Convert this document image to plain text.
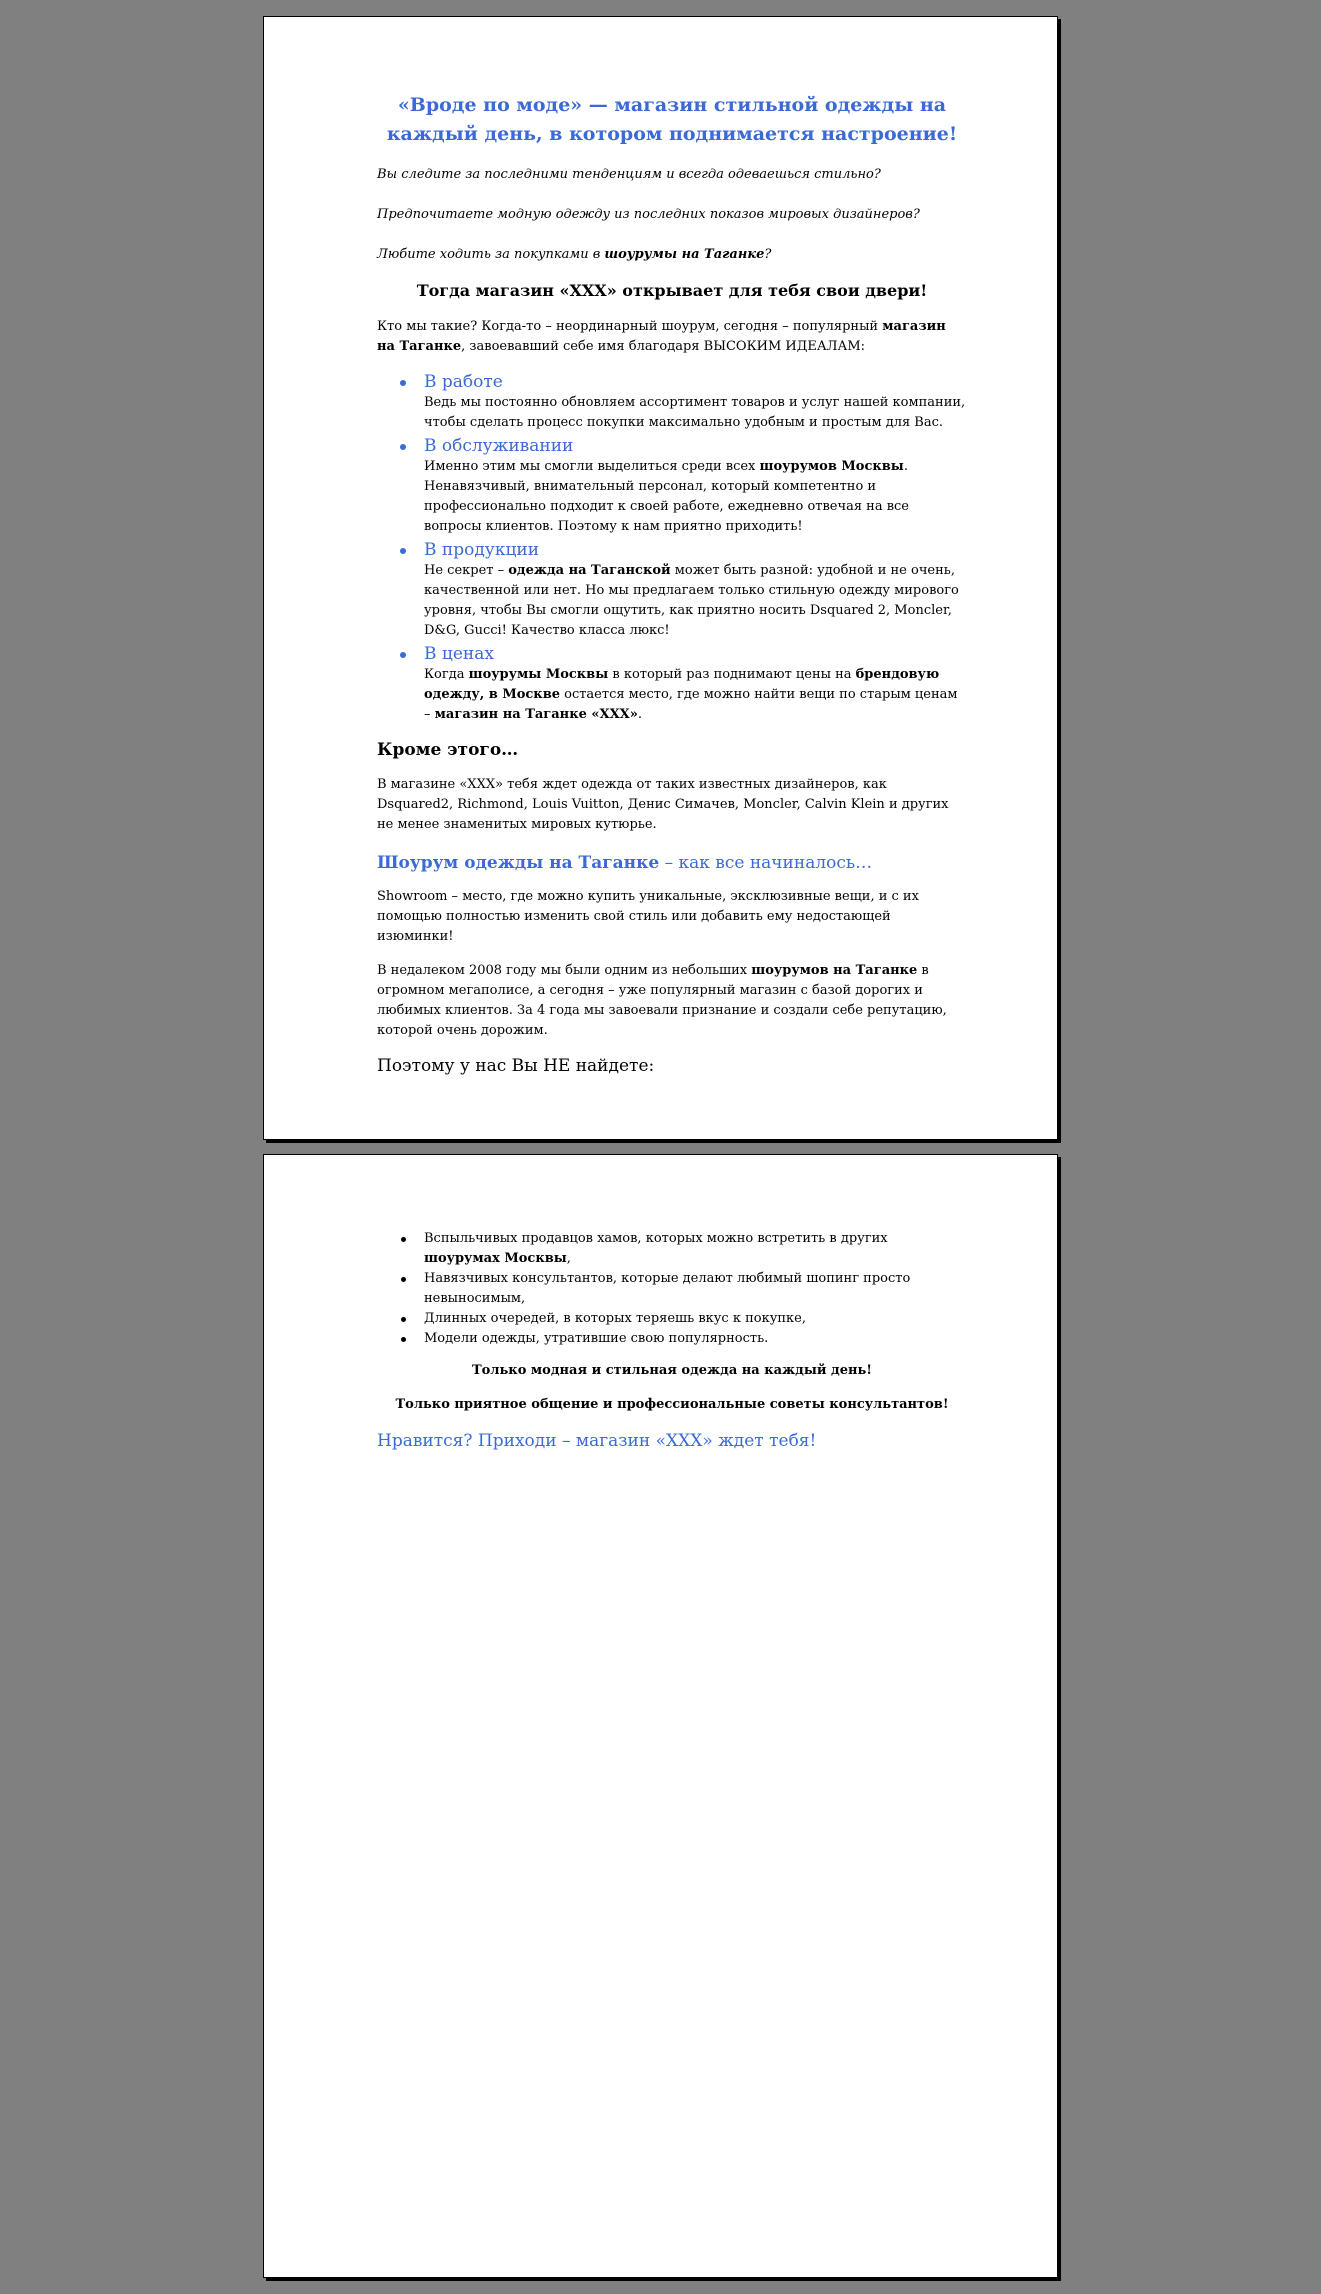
«Вроде по моде» — магазин стильной одежды на каждый день, в котором поднимается настроение!

Вы следите за последними тенденциям и всегда одеваешься стильно?

Предпочитаете модную одежду из последних показов мировых дизайнеров?

Любите ходить за покупками в шоурумы на Таганке?

Тогда магазин «ХХХ» открывает для тебя свои двери!

Кто мы такие? Когда-то – неординарный шоурум, сегодня – популярный магазин на Таганке, завоевавший себе имя благодаря ВЫСОКИМ ИДЕАЛАМ:

В работе
Ведь мы постоянно обновляем ассортимент товаров и услуг нашей компании, чтобы сделать процесс покупки максимально удобным и простым для Вас.
В обслуживании
Именно этим мы смогли выделиться среди всех шоурумов Москвы. Ненавязчивый, внимательный персонал, который компетентно и профессионально подходит к своей работе, ежедневно отвечая на все вопросы клиентов. Поэтому к нам приятно приходить!
В продукции
Не секрет – одежда на Таганской может быть разной: удобной и не очень, качественной или нет. Но мы предлагаем только стильную одежду мирового уровня, чтобы Вы смогли ощутить, как приятно носить Dsquared 2, Moncler, D&G, Gucci! Качество класса люкс!
В ценах
Когда шоурумы Москвы в который раз поднимают цены на брендовую одежду, в Москве остается место, где можно найти вещи по старым ценам – магазин на Таганке «ХХХ».
Кроме этого…

В магазине «ХХХ» тебя ждет одежда от таких известных дизайнеров, как Dsquared2, Richmond, Louis Vuitton, Денис Симачев, Moncler, Calvin Klein и других не менее знаменитых мировых кутюрье.

Шоурум одежды на Таганке – как все начиналось…

Showroom – место, где можно купить уникальные, эксклюзивные вещи, и с их помощью полностью изменить свой стиль или добавить ему недостающей изюминки!

В недалеком 2008 году мы были одним из небольших шоурумов на Таганке в огромном мегаполисе, а сегодня – уже популярный магазин с базой дорогих и любимых клиентов. За 4 года мы завоевали признание и создали себе репутацию, которой очень дорожим.

Поэтому у нас Вы НЕ найдете:

Вспыльчивых продавцов хамов, которых можно встретить в других шоурумах Москвы,
Навязчивых консультантов, которые делают любимый шопинг просто невыносимым,
Длинных очередей, в которых теряешь вкус к покупке,
Модели одежды, утратившие свою популярность.

Только модная и стильная одежда на каждый день!

Только приятное общение и профессиональные советы консультантов!

Нравится? Приходи – магазин «ХХХ» ждет тебя!
